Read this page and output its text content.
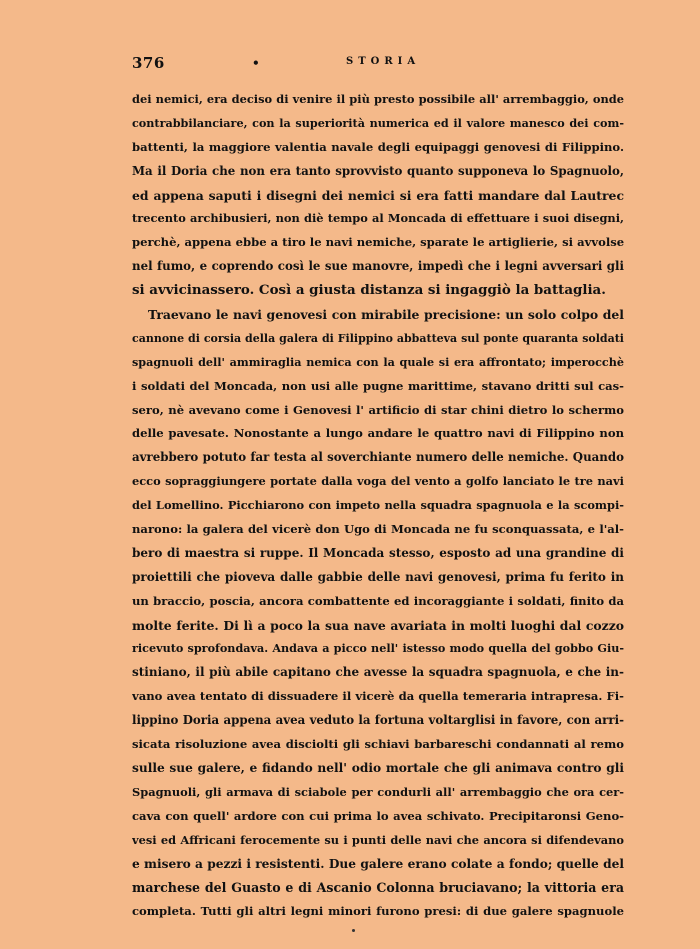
376	•	STORIA
dei nemici, era deciso di venire il più presto possibile all' arrembaggio, onde
contrabbilanciare, con la superiorità numerica ed il valore manesco dei com-
battenti, la maggiore valentia navale degli equipaggi genovesi di Filippino.
Ma il Doria che non era tanto sprovvisto quanto supponeva lo Spagnuolo,
ed appena saputi i disegni dei nemici si era fatti mandare dal Lautrec
trecento archibusieri, non diè tempo al Moncada di effettuare i suoi disegni,
perchè, appena ebbe a tiro le navi nemiche, sparate le artiglierie, si avvolse
nel fumo, e coprendo così le sue manovre, impedì che i legni avversari gli
si avvicinassero. Così a giusta distanza si ingaggiò la battaglia.
Traevano le navi genovesi con mirabile precisione: un solo colpo del
cannone di corsia della galera di Filippino abbatteva sul ponte quaranta soldati
spagnuoli dell' ammiraglia nemica con la quale si era affrontato; imperocchè
i soldati del Moncada, non usi alle pugne marittime, stavano dritti sul cas-
sero, nè avevano come i Genovesi l' artificio di star chini dietro lo schermo
delle pavesate. Nonostante a lungo andare le quattro navi di Filippino non
avrebbero potuto far testa al soverchiante numero delle nemiche. Quando
ecco sopraggiungere portate dalla voga del vento a golfo lanciato le tre navi
del Lomellino. Picchiarono con impeto nella squadra spagnuola e la scompi-
narono: la galera del vicerè don Ugo di Moncada ne fu sconquassata, e l'al-
bero di maestra si ruppe. Il Moncada stesso, esposto ad una grandine di
proiettili che pioveva dalle gabbie delle navi genovesi, prima fu ferito in
un braccio, poscia, ancora combattente ed incoraggiante i soldati, finito da
molte ferite. Di lì a poco la sua nave avariata in molti luoghi dal cozzo
ricevuto sprofondava. Andava a picco nell' istesso modo quella del gobbo Giu-
stiniano, il più abile capitano che avesse la squadra spagnuola, e che in-
vano avea tentato di dissuadere il vicerè da quella temeraria intrapresa. Fi-
lippino Doria appena avea veduto la fortuna voltarglisi in favore, con arri-
sicata risoluzione avea disciolti gli schiavi barbareschi condannati al remo
sulle sue galere, e fidando nell' odio mortale che gli animava contro gli
Spagnuoli, gli armava di sciabole per condurli all' arrembaggio che ora cer-
cava con quell' ardore con cui prima lo avea schivato. Precipitaronsi Geno-
vesi ed Affricani ferocemente su i punti delle navi che ancora si difendevano
e misero a pezzi i resistenti. Due galere erano colate a fondo; quelle del
marchese del Guasto e di Ascanio Colonna bruciavano; la vittoria era
completa. Tutti gli altri legni minori furono presi: di due galere spagnuole
